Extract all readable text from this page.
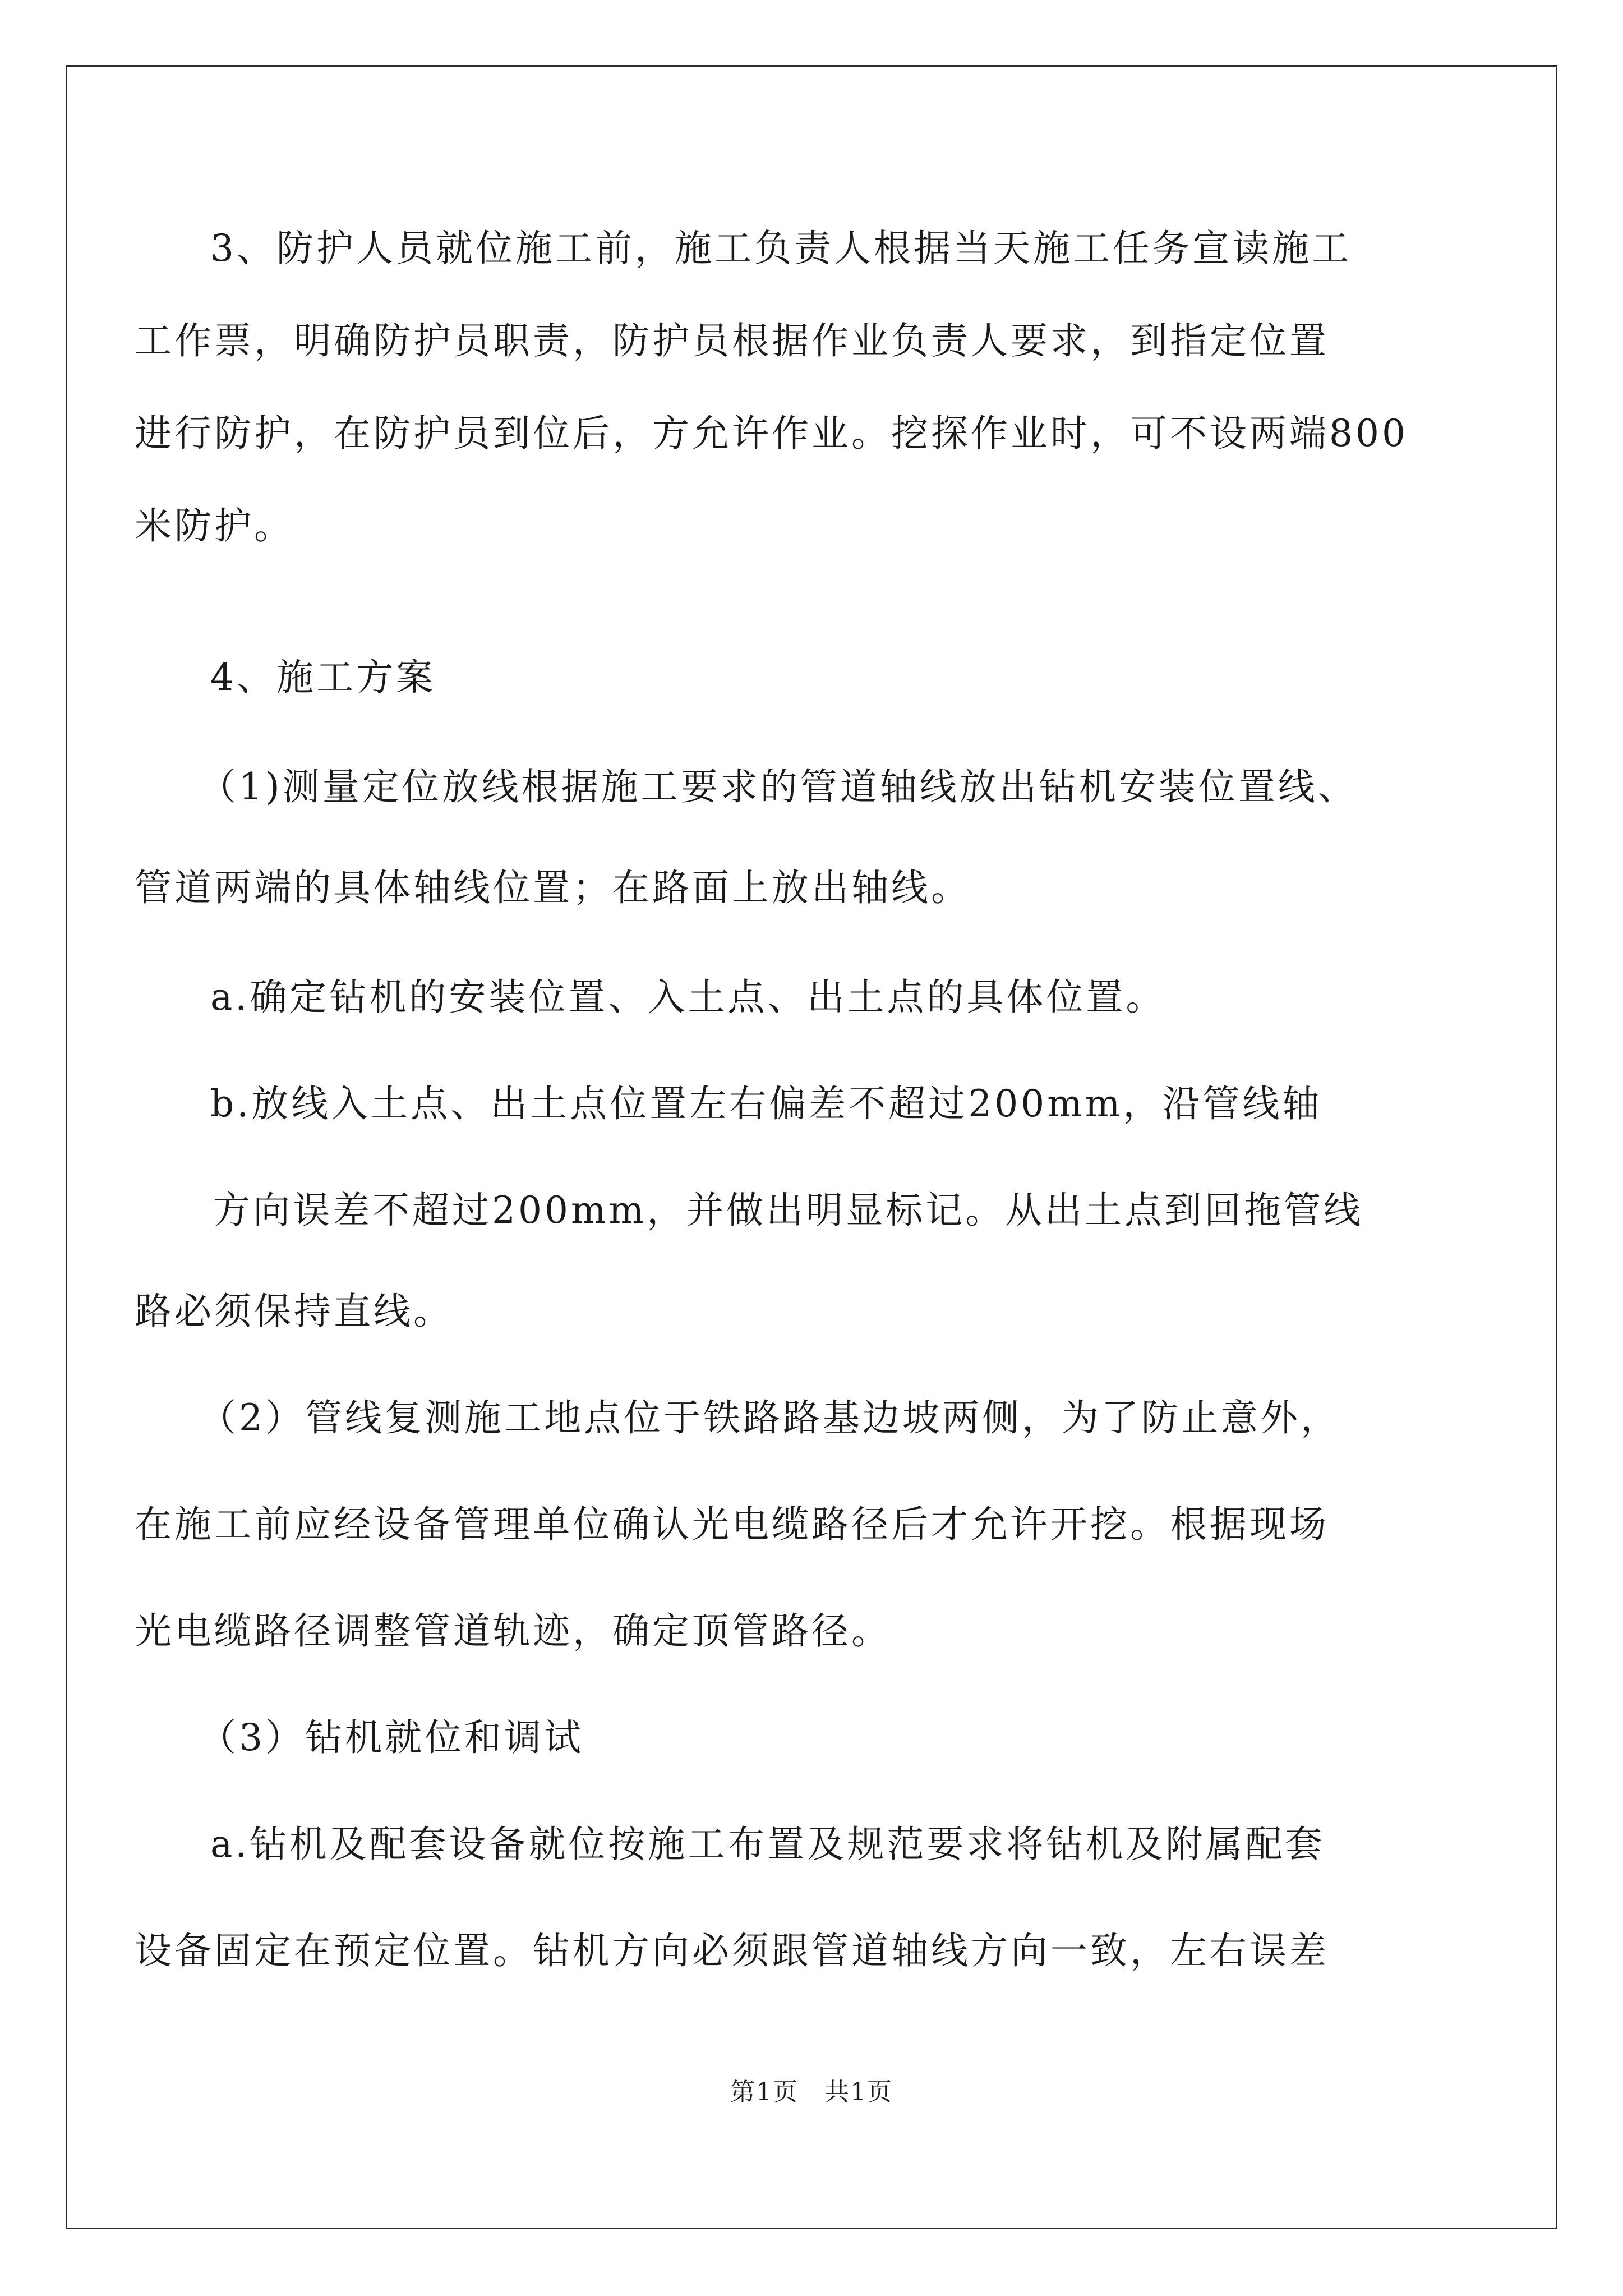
3、防护人员就位施工前，施工负责人根据当天施工任务宣读施工
工作票，明确防护员职责，防护员根据作业负责人要求，到指定位置
进行防护，在防护员到位后，方允许作业。挖探作业时，可不设两端800
米防护。
4、施工方案
（1)测量定位放线根据施工要求的管道轴线放出钻机安装位置线、
管道两端的具体轴线位置；在路面上放出轴线。
a.确定钻机的安装位置、入土点、出土点的具体位置。
b.放线入土点、出土点位置左右偏差不超过200mm，沿管线轴
方向误差不超过200mm，并做出明显标记。从出土点到回拖管线
路必须保持直线。
（2）管线复测施工地点位于铁路路基边坡两侧，为了防止意外，
在施工前应经设备管理单位确认光电缆路径后才允许开挖。根据现场
光电缆路径调整管道轨迹，确定顶管路径。
（3）钻机就位和调试
a.钻机及配套设备就位按施工布置及规范要求将钻机及附属配套
设备固定在预定位置。钻机方向必须跟管道轴线方向一致，左右误差
第1页　共1页
